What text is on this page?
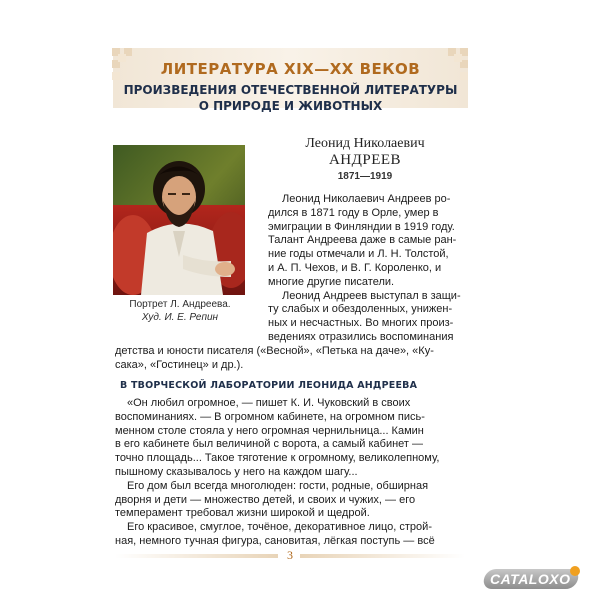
ЛИТЕРАТУРА XIX—XX ВЕКОВ
ПРОИЗВЕДЕНИЯ ОТЕЧЕСТВЕННОЙ ЛИТЕРАТУРЫ
О ПРИРОДЕ И ЖИВОТНЫХ
Портрет Л. Андреева.
Худ. И. Е. Репин
Леонид Николаевич
АНДРЕЕВ
1871—1919
Леонид Николаевич Андреев ро-
дился в 1871 году в Орле, умер в
эмиграции в Финляндии в 1919 году.
Талант Андреева даже в самые ран-
ние годы отмечали и Л. Н. Толстой,
и А. П. Чехов, и В. Г. Короленко, и
многие другие писатели.
Леонид Андреев выступал в защи-
ту слабых и обездоленных, унижен-
ных и несчастных. Во многих произ-
ведениях отразились воспоминания
детства и юности писателя («Весной», «Петька на даче», «Ку-
сака», «Гостинец» и др.).
В ТВОРЧЕСКОЙ ЛАБОРАТОРИИ ЛЕОНИДА АНДРЕЕВА
«Он любил огромное, — пишет К. И. Чуковский в своих
воспоминаниях. — В огромном кабинете, на огромном пись-
менном столе стояла у него огромная чернильница... Камин
в его кабинете был величиной с ворота, а самый кабинет —
точно площадь... Такое тяготение к огромному, великолепному,
пышному сказывалось у него на каждом шагу...
Его дом был всегда многолюден: гости, родные, обширная
дворня и дети — множество детей, и своих и чужих, — его
темперамент требовал жизни широкой и щедрой.
Его красивое, смуглое, точёное, декоративное лицо, строй-
ная, немного тучная фигура, сановитая, лёгкая поступь — всё
3
CATALOXO
